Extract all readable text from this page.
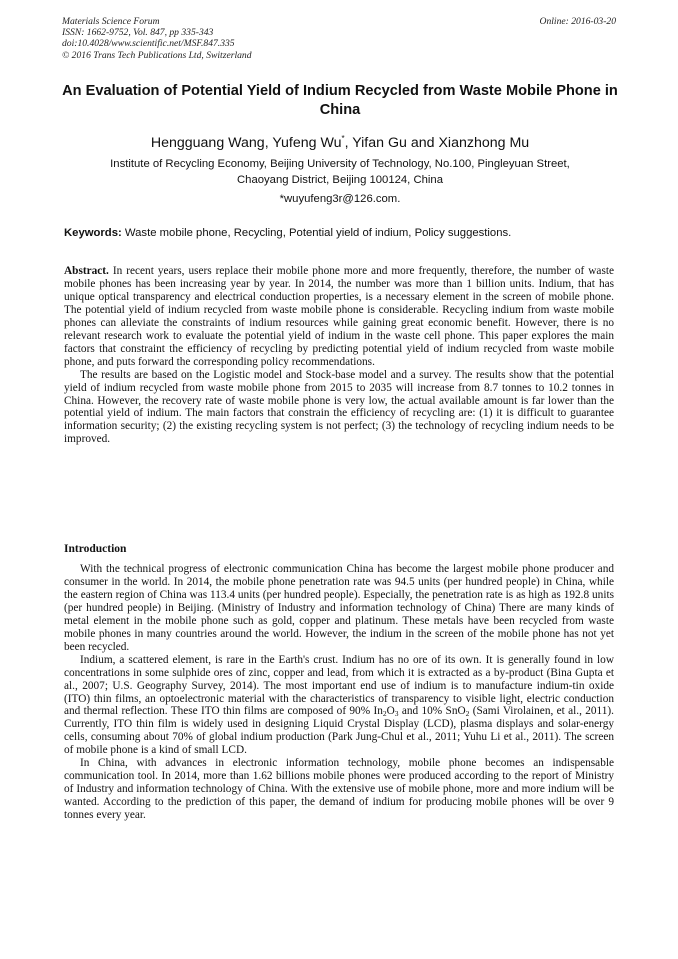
Materials Science Forum
ISSN: 1662-9752, Vol. 847, pp 335-343
doi:10.4028/www.scientific.net/MSF.847.335
© 2016 Trans Tech Publications Ltd, Switzerland
Online: 2016-03-20
An Evaluation of Potential Yield of Indium Recycled from Waste Mobile Phone in China
Hengguang Wang, Yufeng Wu*, Yifan Gu and Xianzhong Mu
Institute of Recycling Economy, Beijing University of Technology, No.100, Pingleyuan Street,
Chaoyang District, Beijing 100124, China
*wuyufeng3r@126.com.
Keywords: Waste mobile phone, Recycling, Potential yield of indium, Policy suggestions.

Abstract. In recent years, users replace their mobile phone more and more frequently, therefore, the number of waste mobile phones has been increasing year by year. In 2014, the number was more than 1 billion units. Indium, that has unique optical transparency and electrical conduction properties, is a necessary element in the screen of mobile phone. The potential yield of indium recycled from waste mobile phone is considerable. Recycling indium from waste mobile phones can alleviate the constraints of indium resources while gaining great economic benefit. However, there is no relevant research work to evaluate the potential yield of indium in the waste cell phone. This paper explores the main factors that constraint the efficiency of recycling by predicting potential yield of indium recycled from waste mobile phone, and puts forward the corresponding policy recommendations.

The results are based on the Logistic model and Stock-base model and a survey. The results show that the potential yield of indium recycled from waste mobile phone from 2015 to 2035 will increase from 8.7 tonnes to 10.2 tonnes in China. However, the recovery rate of waste mobile phone is very low, the actual available amount is far lower than the potential yield of indium. The main factors that constrain the efficiency of recycling are: (1) it is difficult to guarantee information security; (2) the existing recycling system is not perfect; (3) the technology of recycling indium needs to be improved.

Introduction

With the technical progress of electronic communication China has become the largest mobile phone producer and consumer in the world. In 2014, the mobile phone penetration rate was 94.5 units (per hundred people) in China, while the eastern region of China was 113.4 units (per hundred people). Especially, the penetration rate is as high as 192.8 units (per hundred people) in Beijing. (Ministry of Industry and information technology of China) There are many kinds of metal element in the mobile phone such as gold, copper and platinum. These metals have been recycled from waste mobile phones in many countries around the world. However, the indium in the screen of the mobile phone has not yet been recycled.

Indium, a scattered element, is rare in the Earth's crust. Indium has no ore of its own. It is generally found in low concentrations in some sulphide ores of zinc, copper and lead, from which it is extracted as a by-product (Bina Gupta et al., 2007; U.S. Geography Survey, 2014). The most important end use of indium is to manufacture indium-tin oxide (ITO) thin films, an optoelectronic material with the characteristics of transparency to visible light, electric conduction and thermal reflection. These ITO thin films are composed of 90% $In_2O_3$ and 10% SnO$_2$ (Sami Virolainen, et al., 2011). Currently, ITO thin film is widely used in designing Liquid Crystal Display (LCD), plasma displays and solar-energy cells, consuming about 70% of global indium production (Park Jung-Chul et al., 2011; Yuhu Li et al., 2011). The screen of mobile phone is a kind of small LCD.

In China, with advances in electronic information technology, mobile phone becomes an indispensable communication tool. In 2014, more than 1.62 billions mobile phones were produced according to the report of Ministry of Industry and information technology of China. With the extensive use of mobile phone, more and more indium will be wanted. According to the prediction of this paper, the demand of indium for producing mobile phones will be over 9 tonnes every year.
